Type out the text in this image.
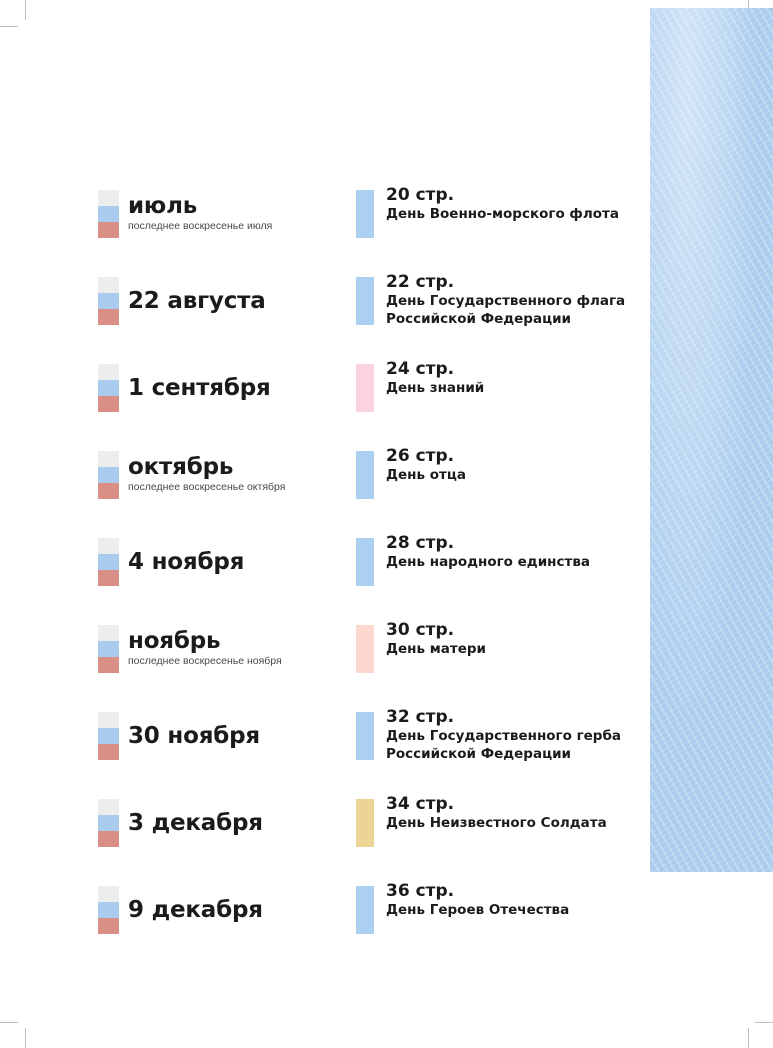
июль
последнее воскресенье июля
20 стр.
День Военно-морского флота
22 августа
22 стр.
День Государственного флага Российской Федерации
1 сентября
24 стр.
День знаний
октябрь
последнее воскресенье октября
26 стр.
День отца
4 ноября
28 стр.
День народного единства
ноябрь
последнее воскресенье ноября
30 стр.
День матери
30 ноября
32 стр.
День Государственного герба Российской Федерации
3 декабря
34 стр.
День Неизвестного Солдата
9 декабря
36 стр.
День Героев Отечества
